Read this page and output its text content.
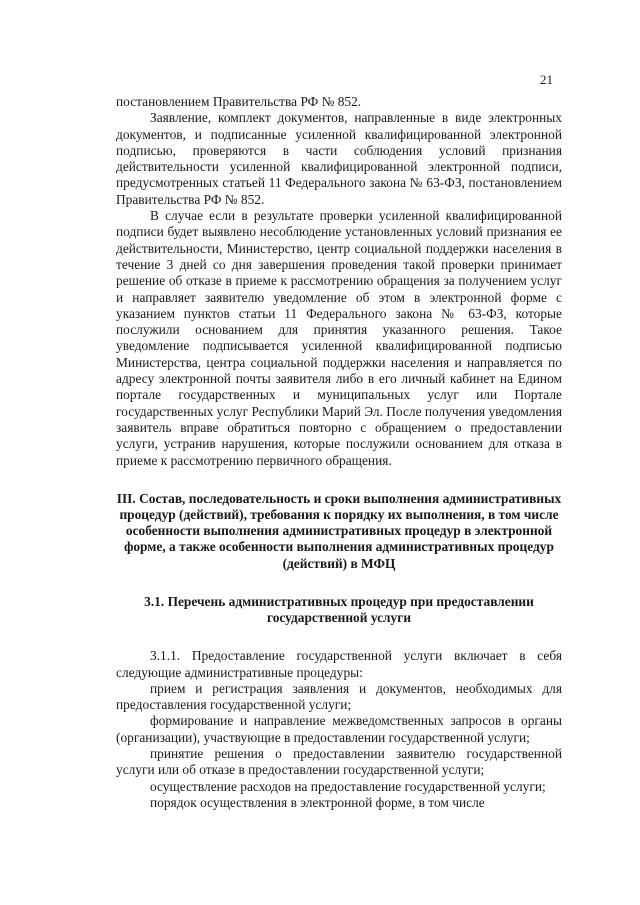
21

постановлением Правительства РФ № 852.

Заявление, комплект документов, направленные в виде электронных документов, и подписанные усиленной квалифицированной электронной подписью, проверяются в части соблюдения условий признания действительности усиленной квалифицированной электронной подписи, предусмотренных статьей 11 Федерального закона № 63-ФЗ, постановлением Правительства РФ № 852.

В случае если в результате проверки усиленной квалифицированной подписи будет выявлено несоблюдение установленных условий признания ее действительности, Министерство, центр социальной поддержки населения в течение 3 дней со дня завершения проведения такой проверки принимает решение об отказе в приеме к рассмотрению обращения за получением услуг и направляет заявителю уведомление об этом в электронной форме с указанием пунктов статьи 11 Федерального закона № 63-ФЗ, которые послужили основанием для принятия указанного решения. Такое уведомление подписывается усиленной квалифицированной подписью Министерства, центра социальной поддержки населения и направляется по адресу электронной почты заявителя либо в его личный кабинет на Едином портале государственных и муниципальных услуг или Портале государственных услуг Республики Марий Эл. После получения уведомления заявитель вправе обратиться повторно с обращением о предоставлении услуги, устранив нарушения, которые послужили основанием для отказа в приеме к рассмотрению первичного обращения.

III. Состав, последовательность и сроки выполнения административных процедур (действий), требования к порядку их выполнения, в том числе особенности выполнения административных процедур в электронной форме, а также особенности выполнения административных процедур (действий) в МФЦ

3.1. Перечень административных процедур при предоставлении государственной услуги

3.1.1. Предоставление государственной услуги включает в себя следующие административные процедуры:

прием и регистрация заявления и документов, необходимых для предоставления государственной услуги;

формирование и направление межведомственных запросов в органы (организации), участвующие в предоставлении государственной услуги;

принятие решения о предоставлении заявителю государственной услуги или об отказе в предоставлении государственной услуги;

осуществление расходов на предоставление государственной услуги;

порядок осуществления в электронной форме, в том числе
